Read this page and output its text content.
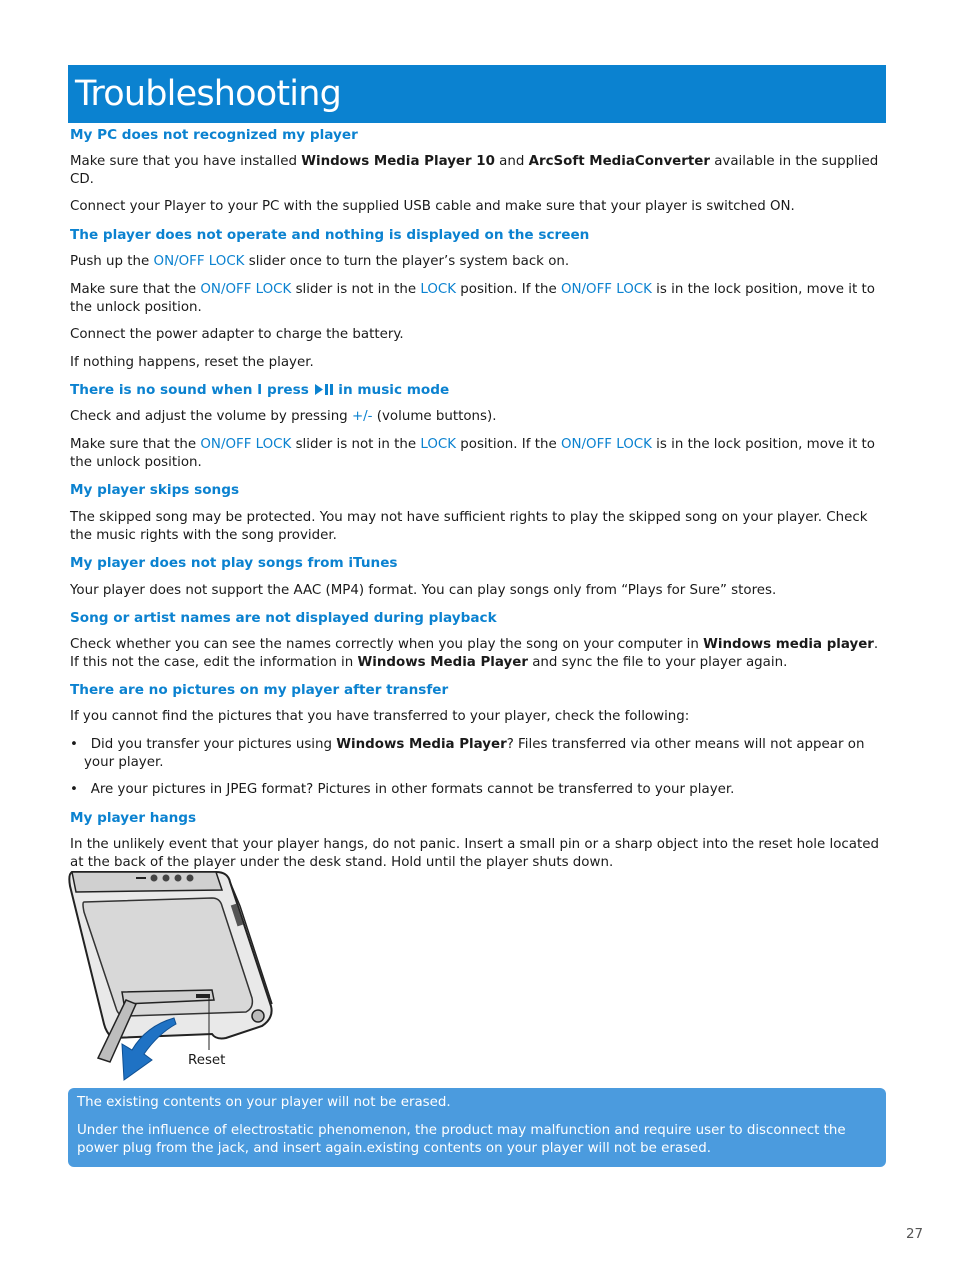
Troubleshooting

My PC does not recognized my player

Make sure that you have installed Windows Media Player 10 and ArcSoft MediaConverter available in the supplied CD.

Connect your Player to your PC with the supplied USB cable and make sure that your player is switched ON.

The player does not operate and nothing is displayed on the screen

Push up the ON/OFF LOCK slider once to turn the player’s system back on.

Make sure that the ON/OFF LOCK slider is not in the LOCK position. If the ON/OFF LOCK is in the lock position, move it to the unlock position.

Connect the power adapter to charge the battery.

If nothing happens, reset the player.

There is no sound when I press  in music mode

Check and adjust the volume by pressing +/- (volume buttons).

Make sure that the ON/OFF LOCK slider is not in the LOCK position. If the ON/OFF LOCK is in the lock position, move it to the unlock position.

My player skips songs

The skipped song may be protected. You may not have sufficient rights to play the skipped song on your player. Check the music rights with the song provider.

My player does not play songs from iTunes

Your player does not support the AAC (MP4) format. You can play songs only from “Plays for Sure” stores.

Song or artist names are not displayed during playback

Check whether you can see the names correctly when you play the song on your computer in Windows media player. If this not the case, edit the information in Windows Media Player and sync the file to your player again.

There are no pictures on my player after transfer

If you cannot find the pictures that you have transferred to your player, check the following:

• Did you transfer your pictures using Windows Media Player? Files transferred via other means will not appear on your player.

• Are your pictures in JPEG format? Pictures in other formats cannot be transferred to your player.

My player hangs

In the unlikely event that your player hangs, do not panic. Insert a small pin or a sharp object into the reset hole located at the back of the player under the desk stand. Hold until the player shuts down.

Reset

The existing contents on your player will not be erased.

Under the influence of electrostatic phenomenon, the product may malfunction and require user to disconnect the power plug from the jack, and insert again.existing contents on your player will not be erased.

27
